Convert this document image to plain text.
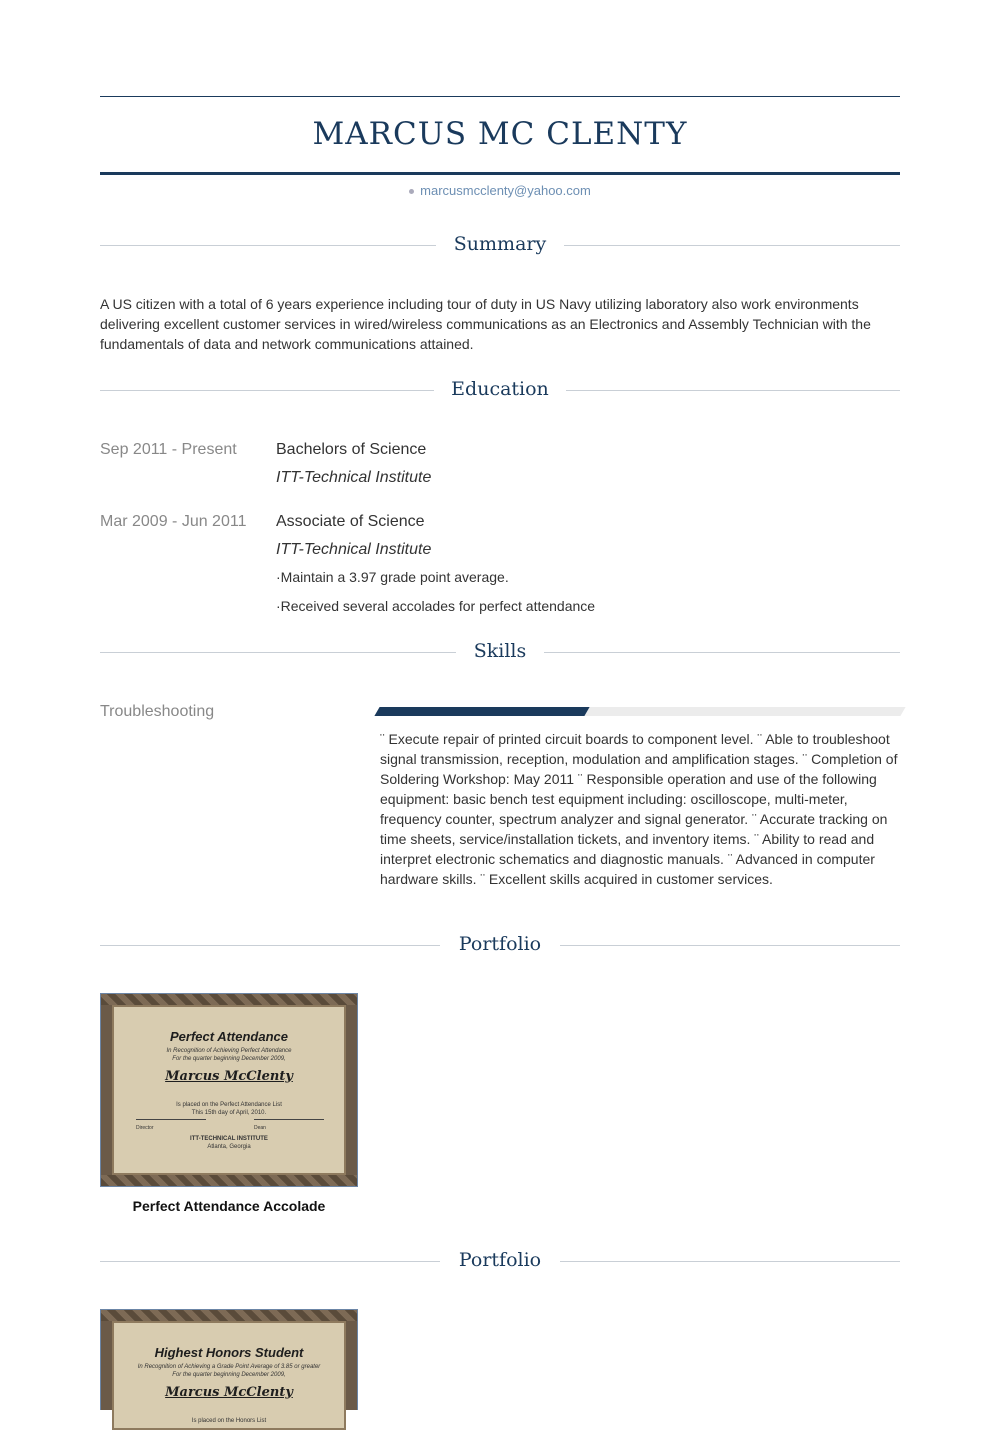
MARCUS MC CLENTY
marcusmcclenty@yahoo.com
Summary
A US citizen with a total of 6 years experience including tour of duty in US Navy utilizing laboratory also work environments delivering excellent customer services in wired/wireless communications as an Electronics and Assembly Technician with the fundamentals of data and network communications attained.
Education
Sep 2011 - Present Bachelors of Science
ITT-Technical Institute
Mar 2009 - Jun 2011 Associate of Science
ITT-Technical Institute
·Maintain a 3.97 grade point average.
·Received several accolades for perfect attendance
Skills
Troubleshooting
¨ Execute repair of printed circuit boards to component level. ¨ Able to troubleshoot signal transmission, reception, modulation and amplification stages. ¨ Completion of Soldering Workshop: May 2011 ¨ Responsible operation and use of the following equipment: basic bench test equipment including: oscilloscope, multi-meter, frequency counter, spectrum analyzer and signal generator. ¨ Accurate tracking on time sheets, service/installation tickets, and inventory items. ¨ Ability to read and interpret electronic schematics and diagnostic manuals. ¨ Advanced in computer hardware skills. ¨ Excellent skills acquired in customer services.
Portfolio
Perfect Attendance
In Recognition of Achieving Perfect Attendance
For the quarter beginning December 2009,
Marcus McClenty
Is placed on the Perfect Attendance List
This 15th day of April, 2010.
Director	Dean
ITT-TECHNICAL INSTITUTE
Atlanta, Georgia
Perfect Attendance Accolade
Portfolio
Highest Honors Student
In Recognition of Achieving a Grade Point Average of 3.85 or greater
For the quarter beginning December 2009,
Marcus McClenty
Is placed on the Honors List
